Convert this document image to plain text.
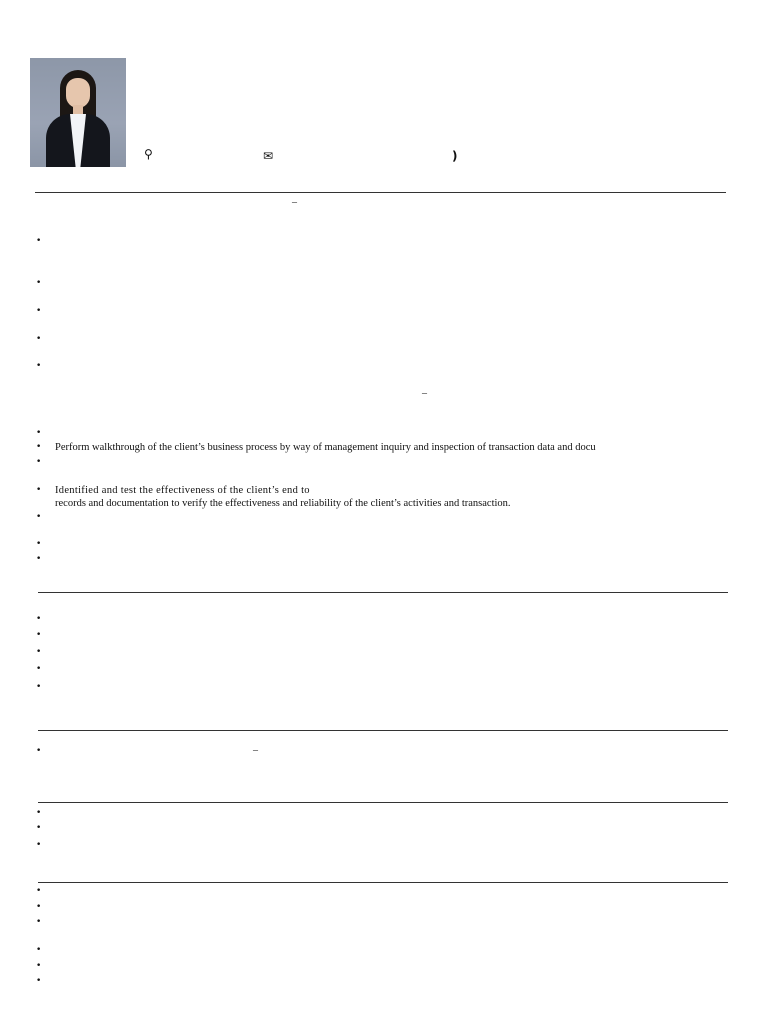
⚲	✉	)
–
•
•
•
•
•
–
•
• Perform walkthrough of the client’s business process by way of management inquiry and inspection of transaction data and docu
•
• Identified and test the effectiveness of the client’s end to
records and documentation to verify the effectiveness and reliability of the client’s activities and transaction.
•
•
•
•
•
•
•
•
•	–
•
•
•
•
•
•
•
•
•
